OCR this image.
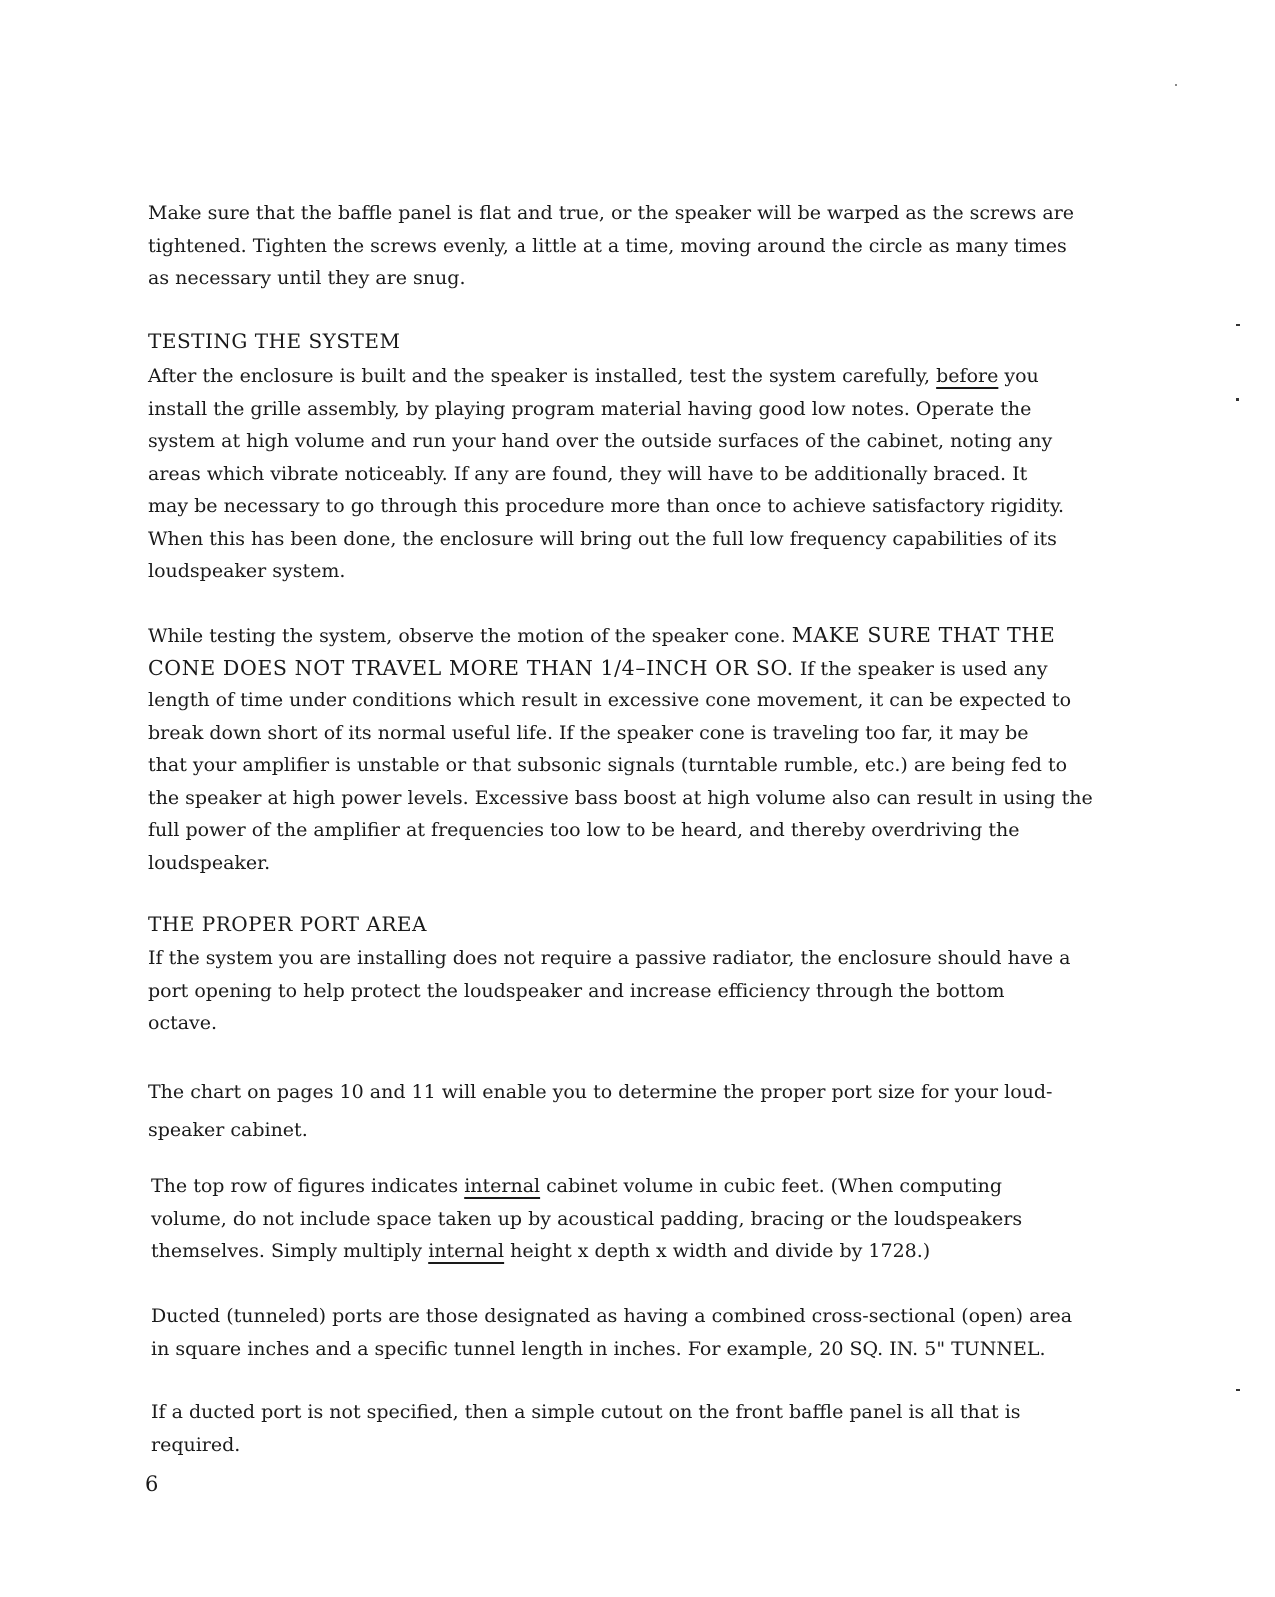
Make sure that the baffle panel is flat and true, or the speaker will be warped as the screws are
tightened. Tighten the screws evenly, a little at a time, moving around the circle as many times
as necessary until they are snug.
TESTING THE SYSTEM
After the enclosure is built and the speaker is installed, test the system carefully, before you
install the grille assembly, by playing program material having good low notes. Operate the
system at high volume and run your hand over the outside surfaces of the cabinet, noting any
areas which vibrate noticeably. If any are found, they will have to be additionally braced. It
may be necessary to go through this procedure more than once to achieve satisfactory rigidity.
When this has been done, the enclosure will bring out the full low frequency capabilities of its
loudspeaker system.
While testing the system, observe the motion of the speaker cone. MAKE SURE THAT THE
CONE DOES NOT TRAVEL MORE THAN 1/4–INCH OR SO. If the speaker is used any
length of time under conditions which result in excessive cone movement, it can be expected to
break down short of its normal useful life. If the speaker cone is traveling too far, it may be
that your amplifier is unstable or that subsonic signals (turntable rumble, etc.) are being fed to
the speaker at high power levels. Excessive bass boost at high volume also can result in using the
full power of the amplifier at frequencies too low to be heard, and thereby overdriving the
loudspeaker.
THE PROPER PORT AREA
If the system you are installing does not require a passive radiator, the enclosure should have a
port opening to help protect the loudspeaker and increase efficiency through the bottom
octave.
The chart on pages 10 and 11 will enable you to determine the proper port size for your loud-
speaker cabinet.
The top row of figures indicates internal cabinet volume in cubic feet. (When computing
volume, do not include space taken up by acoustical padding, bracing or the loudspeakers
themselves. Simply multiply internal height x depth x width and divide by 1728.)
Ducted (tunneled) ports are those designated as having a combined cross-sectional (open) area
in square inches and a specific tunnel length in inches. For example, 20 SQ. IN. 5" TUNNEL.
If a ducted port is not specified, then a simple cutout on the front baffle panel is all that is
required.
6
